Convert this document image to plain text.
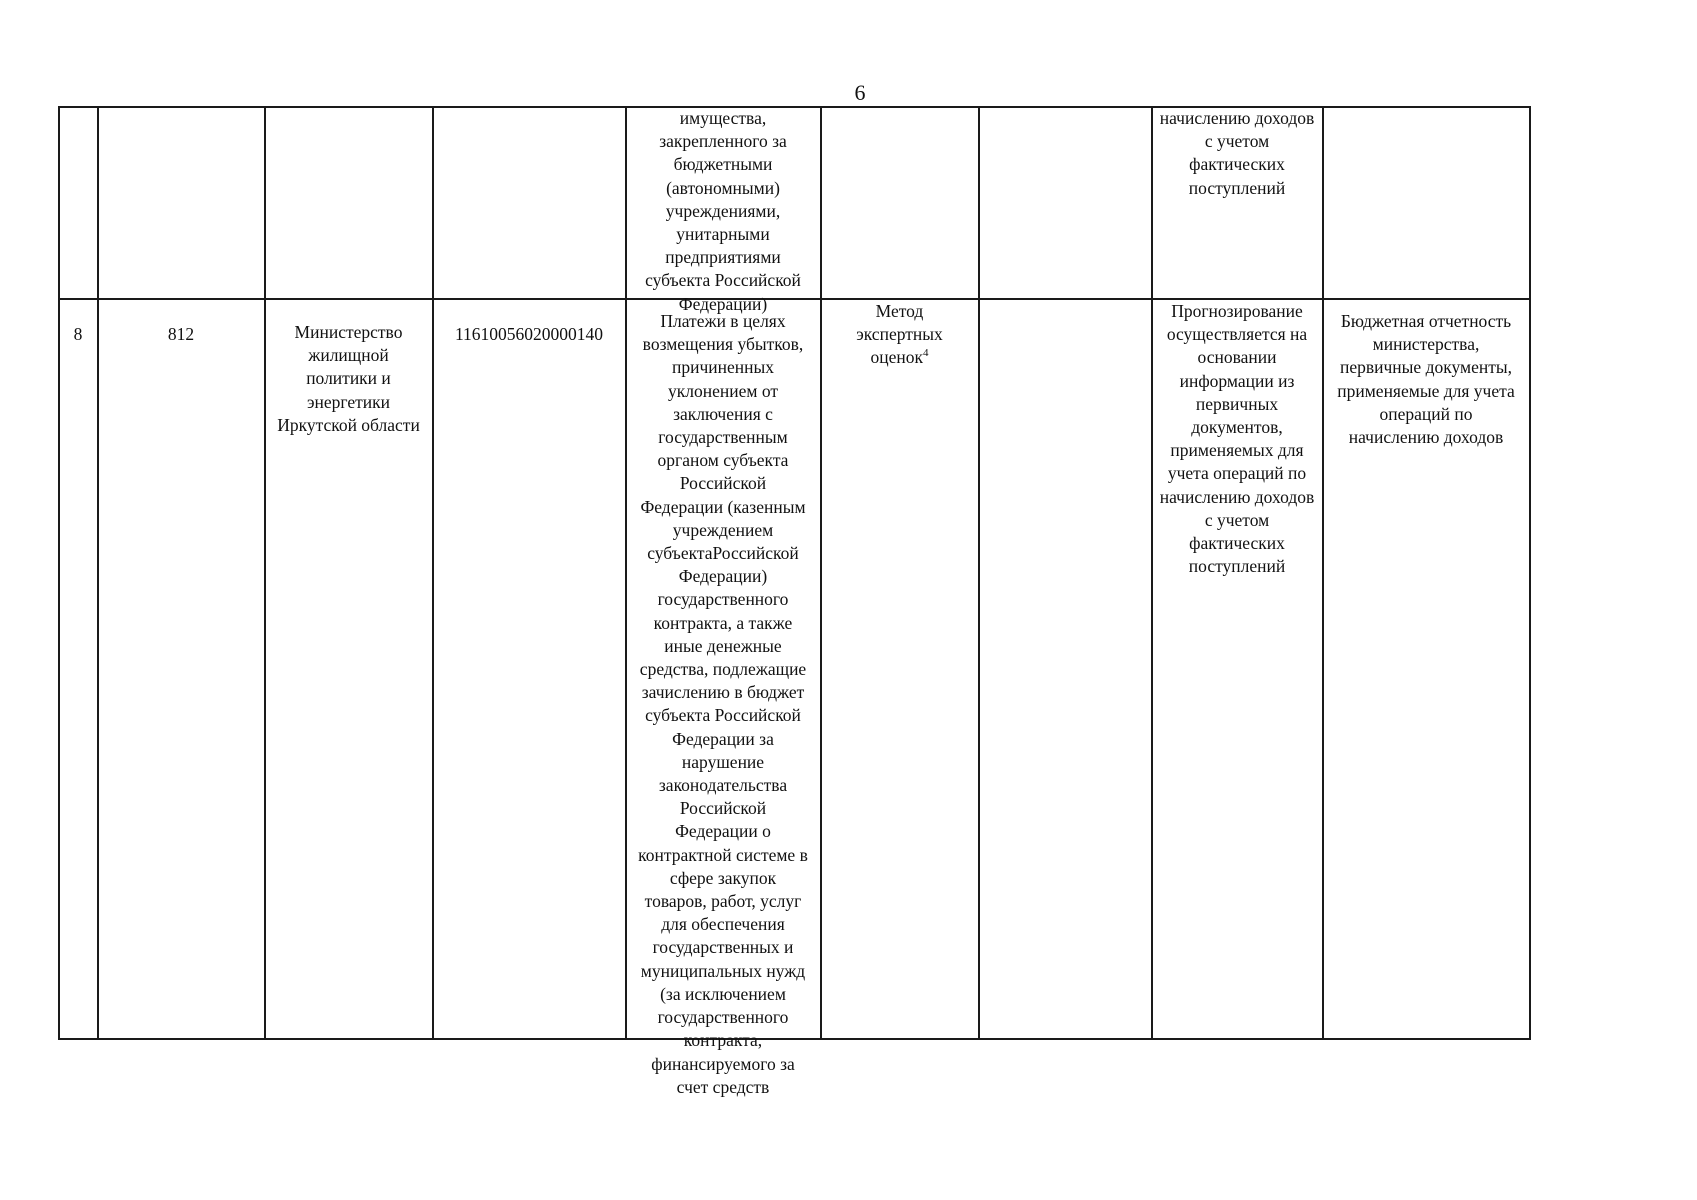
6
имущества,
закрепленного за
бюджетными
(автономными)
учреждениями,
унитарными
предприятиями
субъекта Российской
Федерации)
начислению доходов
с учетом
фактических
поступлений
8	812	Министерство
жилищной
политики и
энергетики
Иркутской области
11610056020000140
Платежи в целях
возмещения убытков,
причиненных
уклонением от
заключения с
государственным
органом субъекта
Российской
Федерации (казенным
учреждением
субъектаРоссийской
Федерации)
государственного
контракта, а также
иные денежные
средства, подлежащие
зачислению в бюджет
субъекта Российской
Федерации за
нарушение
законодательства
Российской
Федерации о
контрактной системе в
сфере закупок
товаров, работ, услуг
для обеспечения
государственных и
муниципальных нужд
(за исключением
государственного
контракта,
финансируемого за
счет средств
Метод
экспертных
оценок$^4$
Прогнозирование
осуществляется на
основании
информации из
первичных
документов,
применяемых для
учета операций по
начислению доходов
с учетом
фактических
поступлений
Бюджетная отчетность
министерства,
первичные документы,
применяемые для учета
операций по
начислению доходов
